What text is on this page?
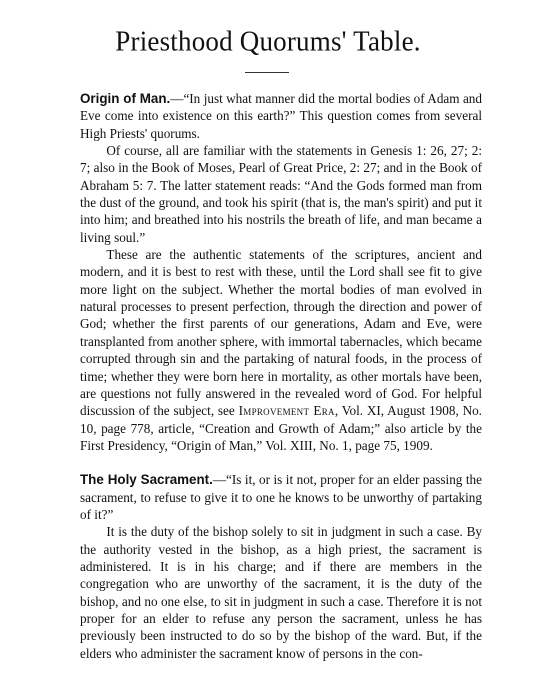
Priesthood Quorums' Table.

Origin of Man.—“In just what manner did the mortal bodies of Adam and Eve come into existence on this earth?” This question comes from several High Priests' quorums.

Of course, all are familiar with the statements in Genesis 1: 26, 27; 2: 7; also in the Book of Moses, Pearl of Great Price, 2: 27; and in the Book of Abraham 5: 7. The latter statement reads: “And the Gods formed man from the dust of the ground, and took his spirit (that is, the man's spirit) and put it into him; and breathed into his nostrils the breath of life, and man became a living soul.”

These are the authentic statements of the scriptures, ancient and modern, and it is best to rest with these, until the Lord shall see fit to give more light on the subject. Whether the mortal bodies of man evolved in natural processes to present perfection, through the direction and power of God; whether the first parents of our generations, Adam and Eve, were transplanted from another sphere, with immortal tabernacles, which became corrupted through sin and the partaking of natural foods, in the process of time; whether they were born here in mortality, as other mortals have been, are questions not fully answered in the revealed word of God. For helpful discussion of the subject, see Improvement Era, Vol. XI, August 1908, No. 10, page 778, article, “Creation and Growth of Adam;” also article by the First Presidency, “Origin of Man,” Vol. XIII, No. 1, page 75, 1909.

The Holy Sacrament.—“Is it, or is it not, proper for an elder passing the sacrament, to refuse to give it to one he knows to be unworthy of partaking of it?”

It is the duty of the bishop solely to sit in judgment in such a case. By the authority vested in the bishop, as a high priest, the sacrament is administered. It is in his charge; and if there are members in the congregation who are unworthy of the sacrament, it is the duty of the bishop, and no one else, to sit in judgment in such a case. Therefore it is not proper for an elder to refuse any person the sacrament, unless he has previously been instructed to do so by the bishop of the ward. But, if the elders who administer the sacrament know of persons in the con-
